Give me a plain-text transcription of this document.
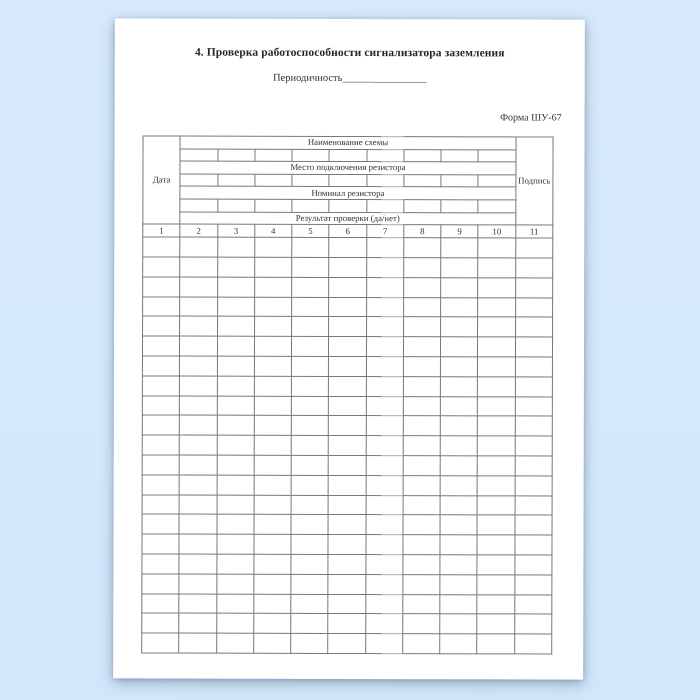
4. Проверка работоспособности сигнализатора заземления
Периодичность________________
Форма ШУ-67
Дата	Наименование схемы									Подпись

	Место подключения резистора									

	Номинал резистора									

	Результат проверки (да/нет)									
1	2	3	4	5	6	7	8	9	10	11
